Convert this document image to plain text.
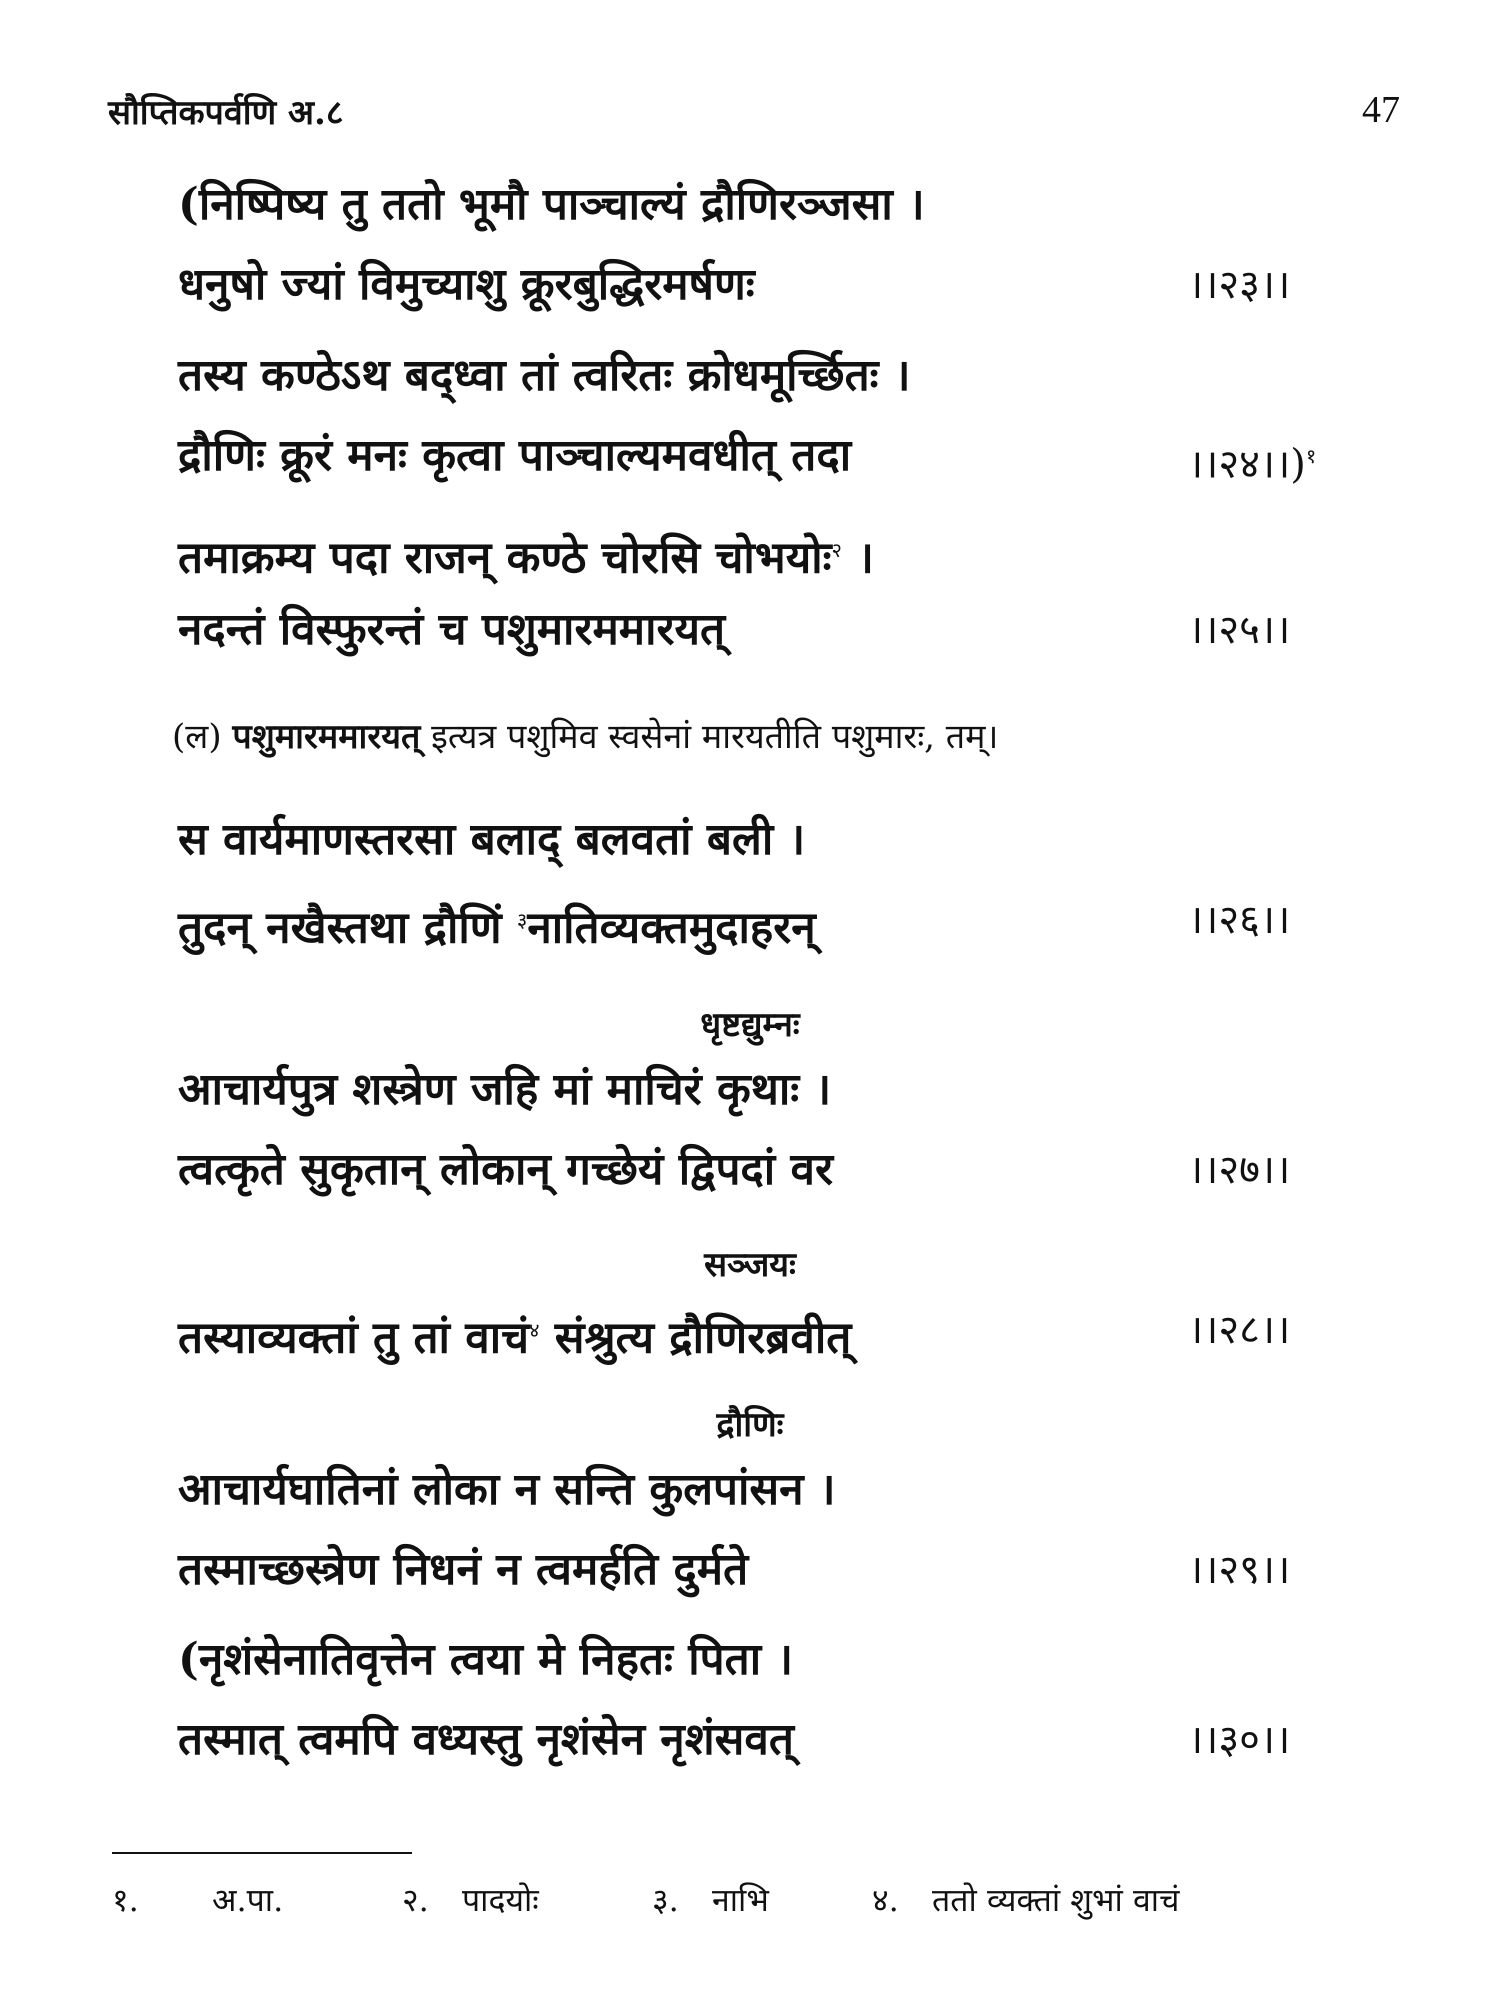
सौप्तिकपर्वणि अ.८	47
(निष्पिष्य तु ततो भूमौ पाञ्चाल्यं द्रौणिरञ्जसा ।
धनुषो ज्यां विमुच्याशु क्रूरबुद्धिरमर्षणः	।।२३।।
तस्य कण्ठेऽथ बद्ध्वा तां त्वरितः क्रोधमूर्च्छितः ।
द्रौणिः क्रूरं मनः कृत्वा पाञ्चाल्यमवधीत् तदा	।।२४।।)$^१$
तमाक्रम्य पदा राजन् कण्ठे चोरसि चोभयोः$^२$ ।
नदन्तं विस्फुरन्तं च पशुमारममारयत्	।।२५।।
(ल) पशुमारममारयत् इत्यत्र पशुमिव स्वसेनां मारयतीति पशुमारः, तम्।
स वार्यमाणस्तरसा बलाद् बलवतां बली ।
तुदन् नखैस्तथा द्रौणिं $^३$नातिव्यक्तमुदाहरन्	।।२६।।
धृष्टद्युम्नः
आचार्यपुत्र शस्त्रेण जहि मां माचिरं कृथाः ।
त्वत्कृते सुकृतान् लोकान् गच्छेयं द्विपदां वर	।।२७।।
सञ्जयः
तस्याव्यक्तां तु तां वाचं$^४$ संश्रुत्य द्रौणिरब्रवीत्	।।२८।।
द्रौणिः
आचार्यघातिनां लोका न सन्ति कुलपांसन ।
तस्माच्छस्त्रेण निधनं न त्वमर्हति दुर्मते	।।२९।।
(नृशंसेनातिवृत्तेन त्वया मे निहतः पिता ।
तस्मात् त्वमपि वध्यस्तु नृशंसेन नृशंसवत्	।।३०।।
१. अ.पा.	२. पादयोः	३. नाभि	४. ततो व्यक्तां शुभां वाचं
